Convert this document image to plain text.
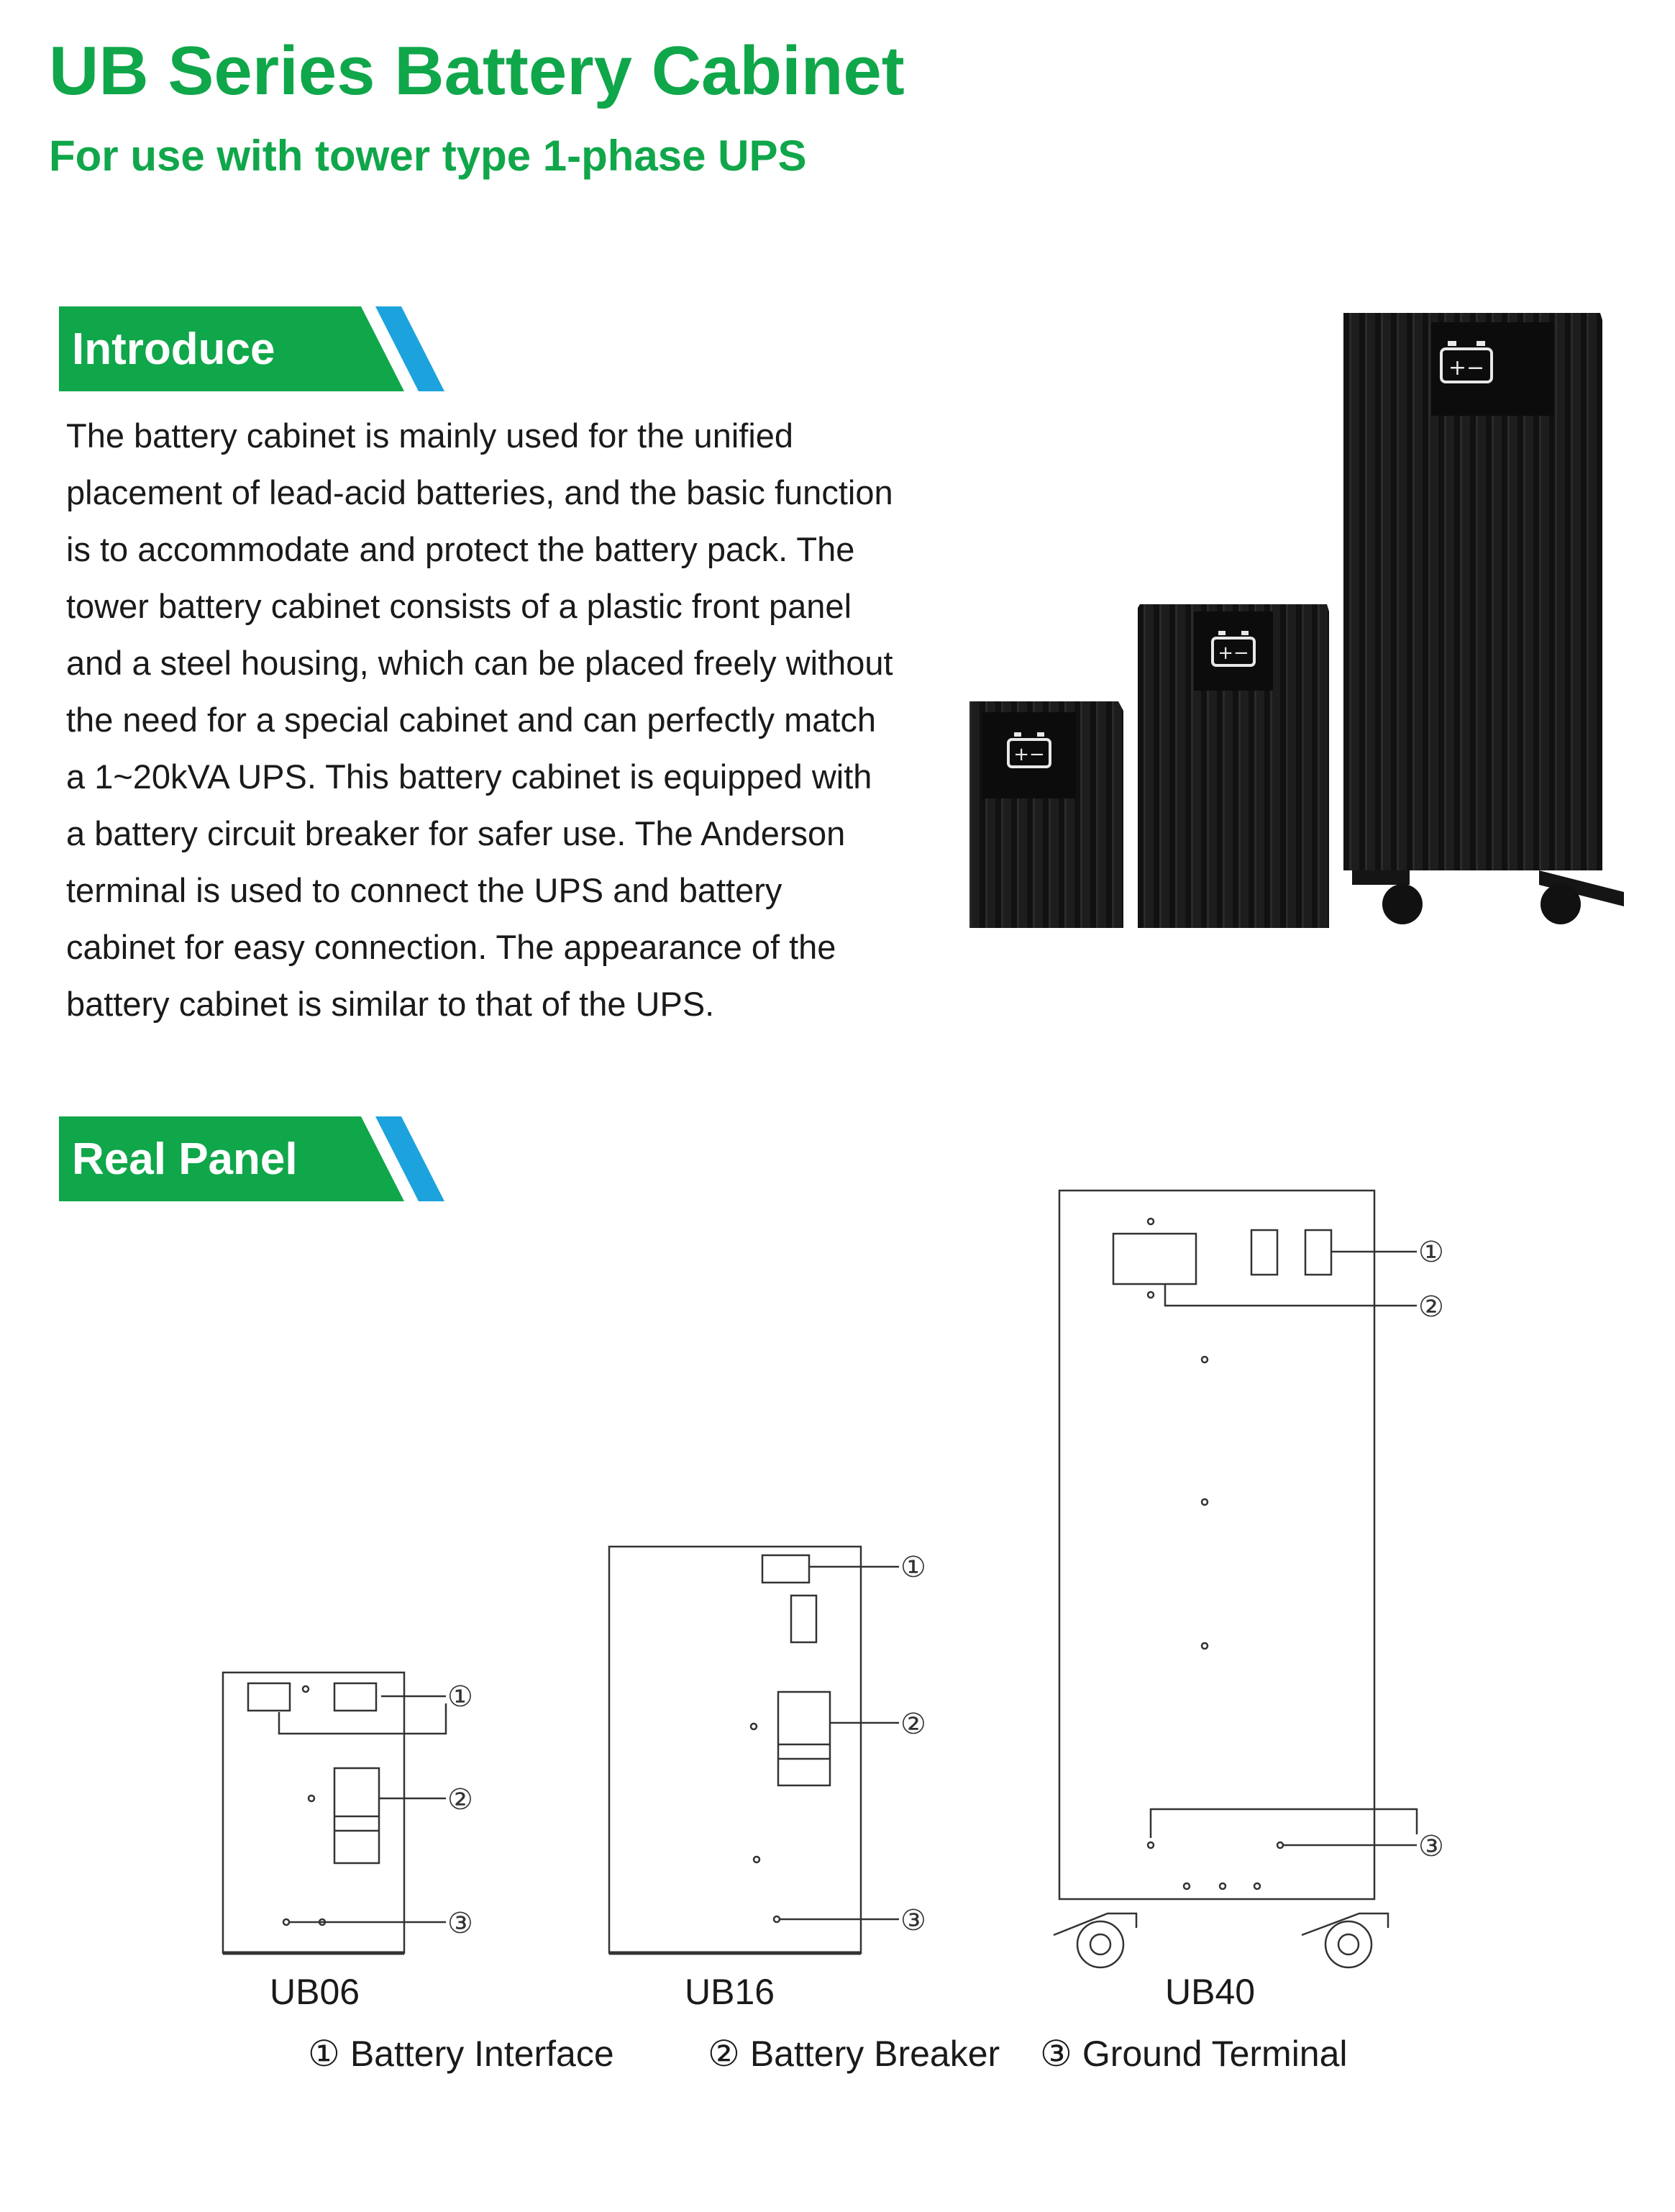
UB Series Battery Cabinet
For use with tower type 1-phase UPS
Introduce

The battery cabinet is mainly used for the unified

placement of lead-acid batteries, and the basic function

is to accommodate and protect the battery pack. The

tower battery cabinet consists of a plastic front panel

and a steel housing, which can be placed freely without

the need for a special cabinet and can perfectly match

a 1~20kVA UPS. This battery cabinet is equipped with

a battery circuit breaker for safer use. The Anderson

terminal is used to connect the UPS and battery

cabinet for easy connection. The appearance of the

battery cabinet is similar to that of the UPS.

+−
+−
+−
Real Panel
①
②
③
①
②
③
①
②
③
UB06	UB16	UB40
① Battery Interface	② Battery Breaker ③ Ground Terminal
